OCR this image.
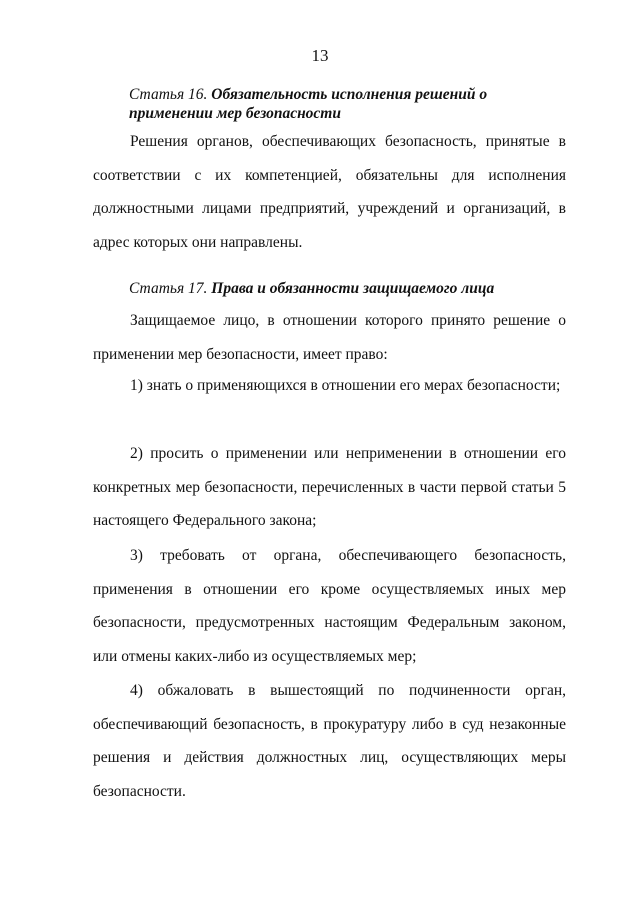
13
Статья 16. Обязательность исполнения решений о применении мер безопасности
Решения органов, обеспечивающих безопасность, принятые в соответствии с их компетенцией, обязательны для исполнения должностными лицами предприятий, учреждений и организаций, в адрес которых они направлены.
Статья 17. Права и обязанности защищаемого лица
Защищаемое лицо, в отношении которого принято решение о применении мер безопасности, имеет право:
1) знать о применяющихся в отношении его мерах безопасности;
2) просить о применении или неприменении в отношении его конкретных мер безопасности, перечисленных в части первой статьи 5 настоящего Федерального закона;
3) требовать от органа, обеспечивающего безопасность, применения в отношении его кроме осуществляемых иных мер безопасности, предусмотренных настоящим Федеральным законом, или отмены каких-либо из осуществляемых мер;
4) обжаловать в вышестоящий по подчиненности орган, обеспечивающий безопасность, в прокуратуру либо в суд незаконные решения и действия должностных лиц, осуществляющих меры безопасности.
